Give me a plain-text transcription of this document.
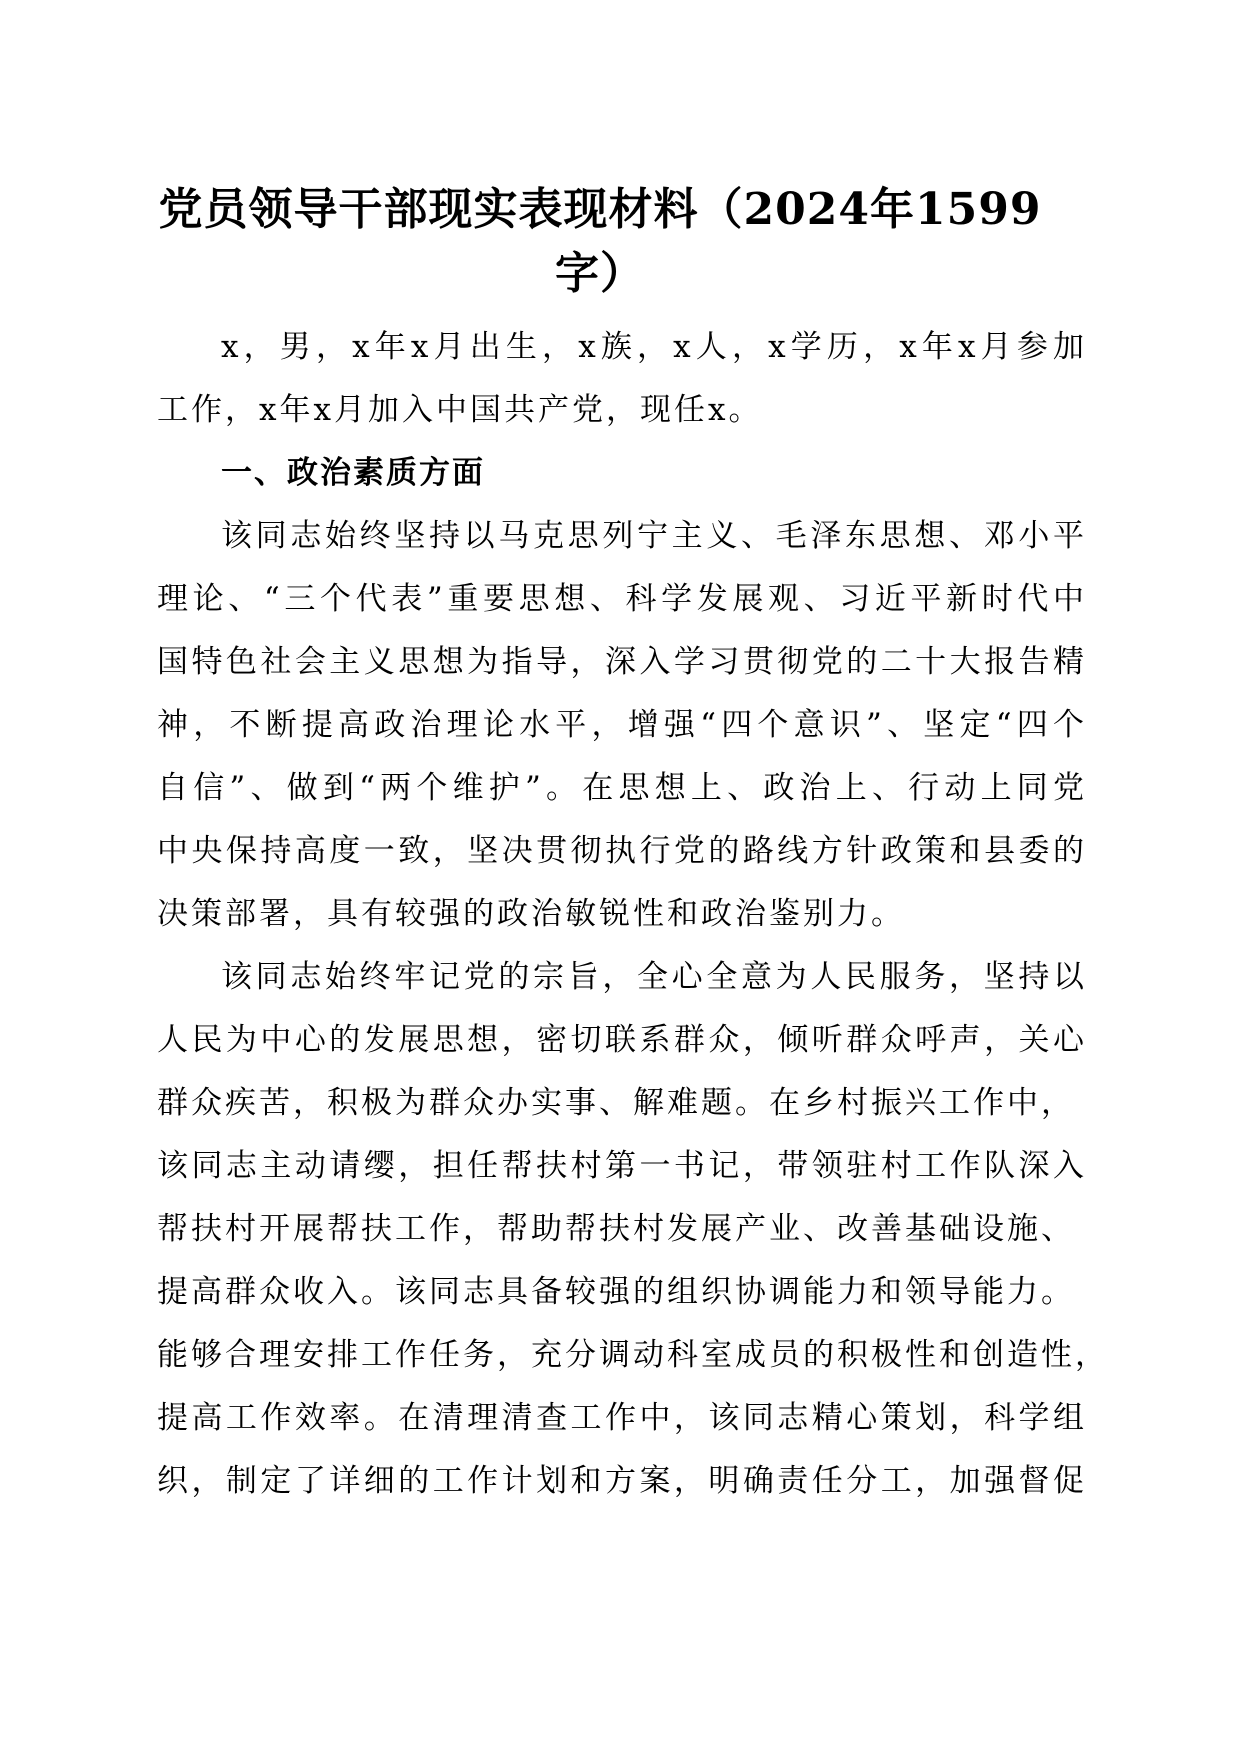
党员领导干部现实表现材料（2024年1599
字）
x，男，x年x月出生，x族，x人，x学历，x年x月参加
工作，x年x月加入中国共产党，现任x。
一、政治素质方面
该同志始终坚持以马克思列宁主义、毛泽东思想、邓小平
理论、“三个代表”重要思想、科学发展观、习近平新时代中
国特色社会主义思想为指导，深入学习贯彻党的二十大报告精
神，不断提高政治理论水平，增强“四个意识”、坚定“四个
自信”、做到“两个维护”。在思想上、政治上、行动上同党
中央保持高度一致，坚决贯彻执行党的路线方针政策和县委的
决策部署，具有较强的政治敏锐性和政治鉴别力。
该同志始终牢记党的宗旨，全心全意为人民服务，坚持以
人民为中心的发展思想，密切联系群众，倾听群众呼声，关心
群众疾苦，积极为群众办实事、解难题。在乡村振兴工作中，
该同志主动请缨，担任帮扶村第一书记，带领驻村工作队深入
帮扶村开展帮扶工作，帮助帮扶村发展产业、改善基础设施、
提高群众收入。该同志具备较强的组织协调能力和领导能力。
能够合理安排工作任务，充分调动科室成员的积极性和创造性，
提高工作效率。在清理清查工作中，该同志精心策划，科学组
织，制定了详细的工作计划和方案，明确责任分工，加强督促
